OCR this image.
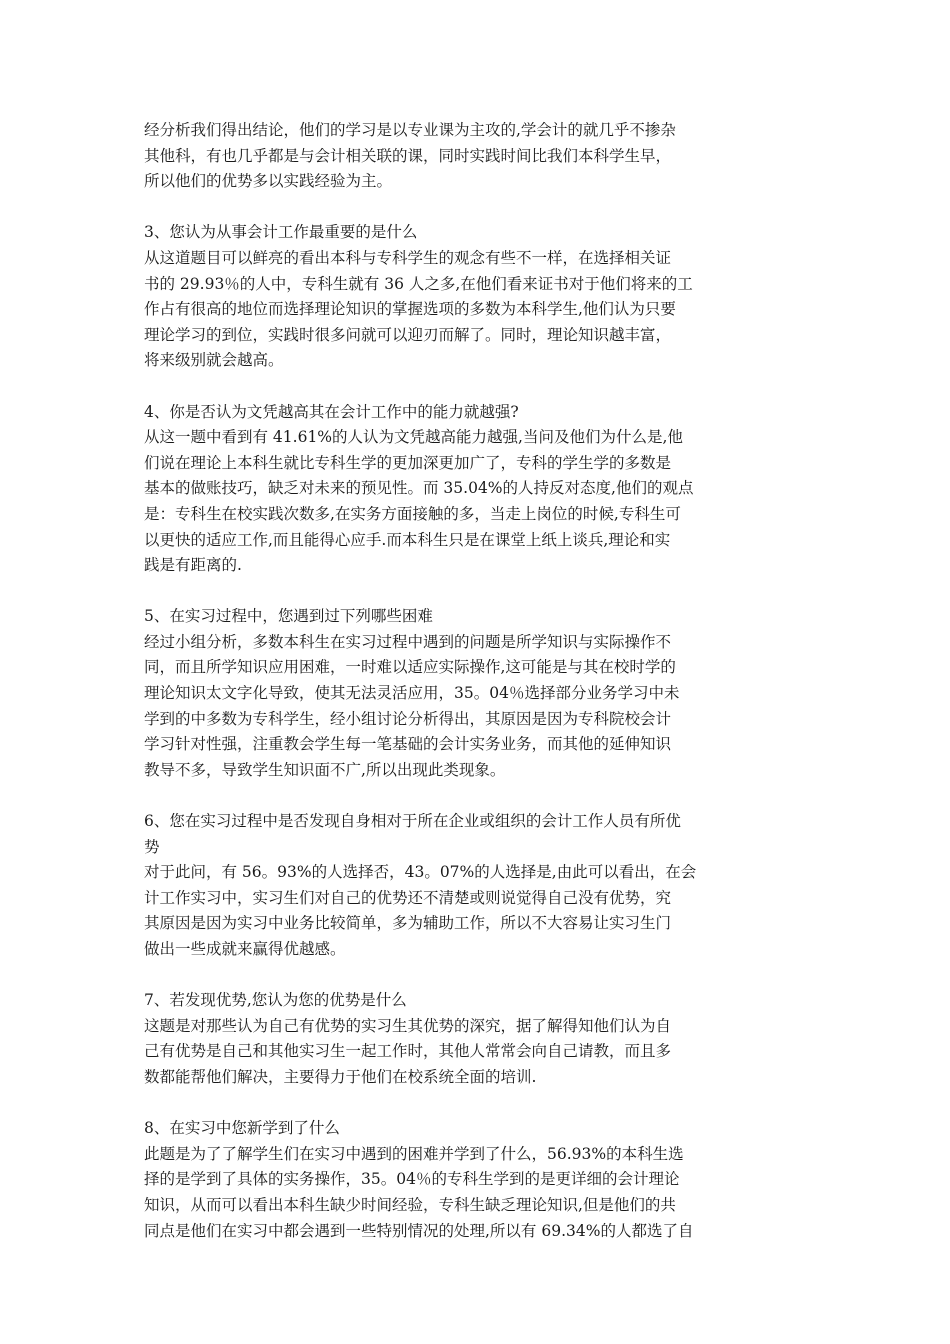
经分析我们得出结论，他们的学习是以专业课为主攻的,学会计的就几乎不掺杂
其他科，有也几乎都是与会计相关联的课，同时实践时间比我们本科学生早，
所以他们的优势多以实践经验为主。
3、您认为从事会计工作最重要的是什么
从这道题目可以鲜亮的看出本科与专科学生的观念有些不一样，在选择相关证
书的 29.93％的人中，专科生就有 36 人之多,在他们看来证书对于他们将来的工
作占有很高的地位而选择理论知识的掌握选项的多数为本科学生,他们认为只要
理论学习的到位，实践时很多问就可以迎刃而解了。同时，理论知识越丰富，
将来级别就会越高。
4、你是否认为文凭越高其在会计工作中的能力就越强?
从这一题中看到有 41.61%的人认为文凭越高能力越强,当问及他们为什么是,他
们说在理论上本科生就比专科生学的更加深更加广了，专科的学生学的多数是
基本的做账技巧，缺乏对未来的预见性。而 35.04%的人持反对态度,他们的观点
是：专科生在校实践次数多,在实务方面接触的多，当走上岗位的时候,专科生可
以更快的适应工作,而且能得心应手.而本科生只是在课堂上纸上谈兵,理论和实
践是有距离的.
5、在实习过程中，您遇到过下列哪些困难
经过小组分析，多数本科生在实习过程中遇到的问题是所学知识与实际操作不
同，而且所学知识应用困难，一时难以适应实际操作,这可能是与其在校时学的
理论知识太文字化导致，使其无法灵活应用，35。04％选择部分业务学习中未
学到的中多数为专科学生，经小组讨论分析得出，其原因是因为专科院校会计
学习针对性强，注重教会学生每一笔基础的会计实务业务，而其他的延伸知识
教导不多，导致学生知识面不广,所以出现此类现象。
6、您在实习过程中是否发现自身相对于所在企业或组织的会计工作人员有所优
势
对于此问，有 56。93%的人选择否，43。07%的人选择是,由此可以看出，在会
计工作实习中，实习生们对自己的优势还不清楚或则说觉得自己没有优势，究
其原因是因为实习中业务比较简单，多为辅助工作，所以不大容易让实习生门
做出一些成就来赢得优越感。
7、若发现优势,您认为您的优势是什么
这题是对那些认为自己有优势的实习生其优势的深究，据了解得知他们认为自
己有优势是自己和其他实习生一起工作时，其他人常常会向自己请教，而且多
数都能帮他们解决，主要得力于他们在校系统全面的培训.
8、在实习中您新学到了什么
此题是为了了解学生们在实习中遇到的困难并学到了什么，56.93%的本科生选
择的是学到了具体的实务操作，35。04％的专科生学到的是更详细的会计理论
知识，从而可以看出本科生缺少时间经验，专科生缺乏理论知识,但是他们的共
同点是他们在实习中都会遇到一些特别情况的处理,所以有 69.34%的人都选了自
